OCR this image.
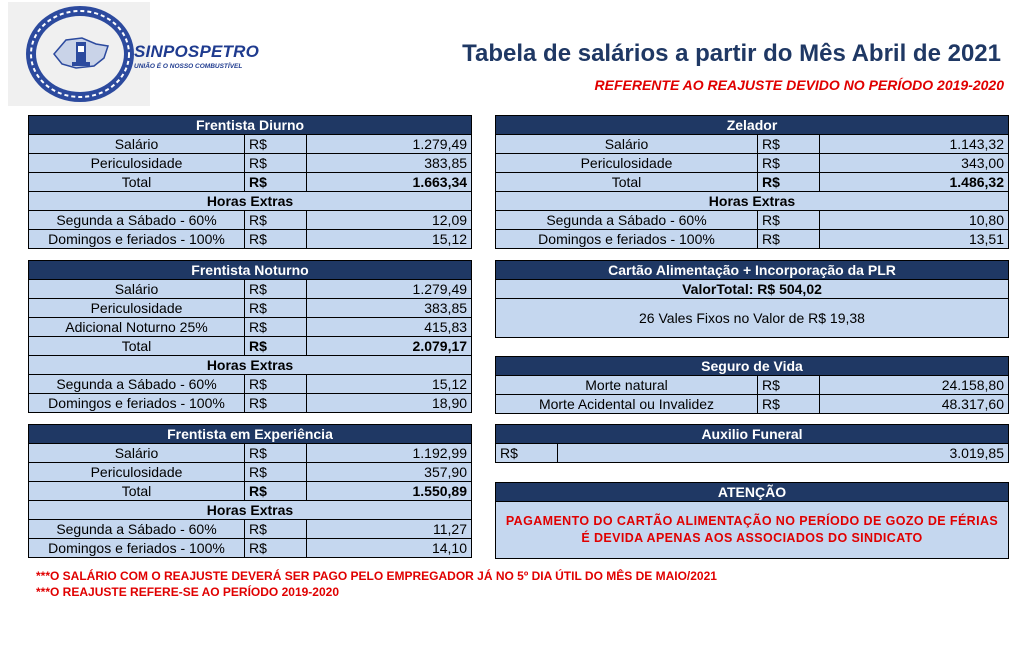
SINPOSPETRO
UNIÃO É O NOSSO COMBUSTÍVEL	Tabela de salários a partir do Mês Abril de 2021
REFERENTE AO REAJUSTE DEVIDO NO PERÍODO 2019-2020
Frentista Diurno		
Salário	R$	1.279,49
Periculosidade	R$	383,85
Total	R$	1.663,34
Horas Extras		
Segunda a Sábado - 60%	R$	12,09
Domingos e feriados - 100%	R$	15,12
Frentista Noturno		
Salário	R$	1.279,49
Periculosidade	R$	383,85
Adicional Noturno 25%	R$	415,83
Total	R$	2.079,17
Horas Extras		
Segunda a Sábado - 60%	R$	15,12
Domingos e feriados - 100%	R$	18,90
Frentista em Experiência		
Salário	R$	1.192,99
Periculosidade	R$	357,90
Total	R$	1.550,89
Horas Extras		
Segunda a Sábado - 60%	R$	11,27
Domingos e feriados - 100%	R$	14,10
Zelador		
Salário	R$	1.143,32
Periculosidade	R$	343,00
Total	R$	1.486,32
Horas Extras		
Segunda a Sábado - 60%	R$	10,80
Domingos e feriados - 100%	R$	13,51
Cartão Alimentação + Incorporação da PLR
ValorTotal: R$ 504,02
26 Vales Fixos no Valor de R$ 19,38
Seguro de Vida		
Morte natural	R$	24.158,80
Morte Acidental ou Invalidez	R$	48.317,60
Auxilio Funeral
R$	3.019,85
ATENÇÃO
PAGAMENTO DO CARTÃO ALIMENTAÇÃO NO PERÍODO DE GOZO DE FÉRIAS É DEVIDA APENAS AOS ASSOCIADOS DO SINDICATO
***O SALÁRIO COM O REAJUSTE DEVERÁ SER PAGO PELO EMPREGADOR JÁ NO 5º DIA ÚTIL DO MÊS DE MAIO/2021
***O REAJUSTE REFERE-SE AO PERÍODO 2019-2020
